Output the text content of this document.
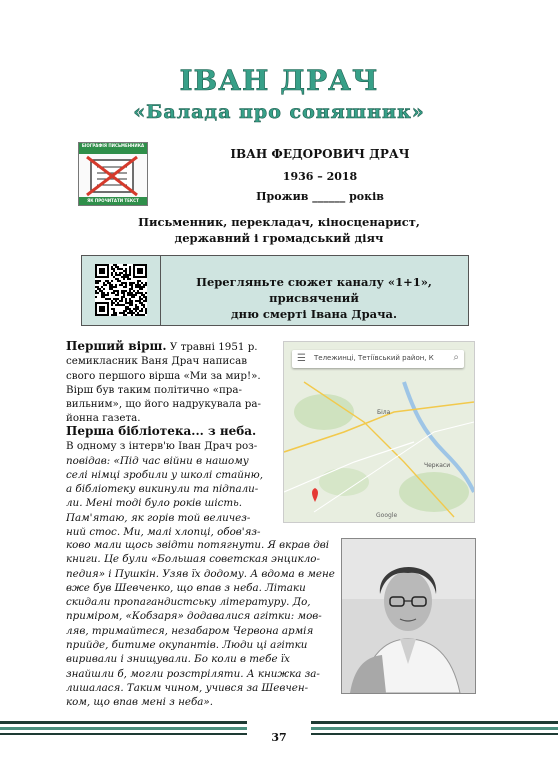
ІВАН ДРАЧ
«Балада про соняшник»
БІОГРАФІЯ ПИСЬМЕННИКА
ЯК ПРОЧИТАТИ ТЕКСТ
ІВАН ФЕДОРОВИЧ ДРАЧ
1936 – 2018
Прожив ______ років
Письменник, перекладач, кіносценарист,
державний і громадський діяч
Перегляньте сюжет каналу «1+1», присвячений
дню смерті Івана Драча.
Перший вірш. У травні 1951 р.
семикласник Ваня Драч написав
свого першого вірша «Ми за мир!».
Вірш був таким політично «пра-
вильним», що його надрукувала ра-
йонна газета.
Перша бібліотека... з неба.
В одному з інтерв'ю Іван Драч роз-
повідав: «Під час війни в нашому
селі німці зробили у школі стайню,
а бібліотеку викинули та підпали-
ли. Мені тоді було років шість.
Пам'ятаю, як горів той величез-
ний стос. Ми, малі хлопці, обов'яз-
ково мали щось звідти потягнути. Я вкрав дві
книги. Це були «Большая советская энцикло-
педия» і Пушкін. Узяв їх додому. А вдома в мене
вже був Шевченко, що впав з неба. Літаки
скидали пропагандистську літературу. До,
приміром, «Кобзаря» додавалися агітки: мов-
ляв, тримайтеся, незабаром Червона армія
прийде, битиме окупантів. Люди ці агітки
виривали і знищували. Бо коли в тебе їх
знайшли б, могли розстріляти. А книжка за-
лишалася. Таким чином, учився за Шевчен-
ком, що впав мені з неба».
Біла
Черкаси
Google
☰ Тележинці, Тетіївський район, К ⌕
37
